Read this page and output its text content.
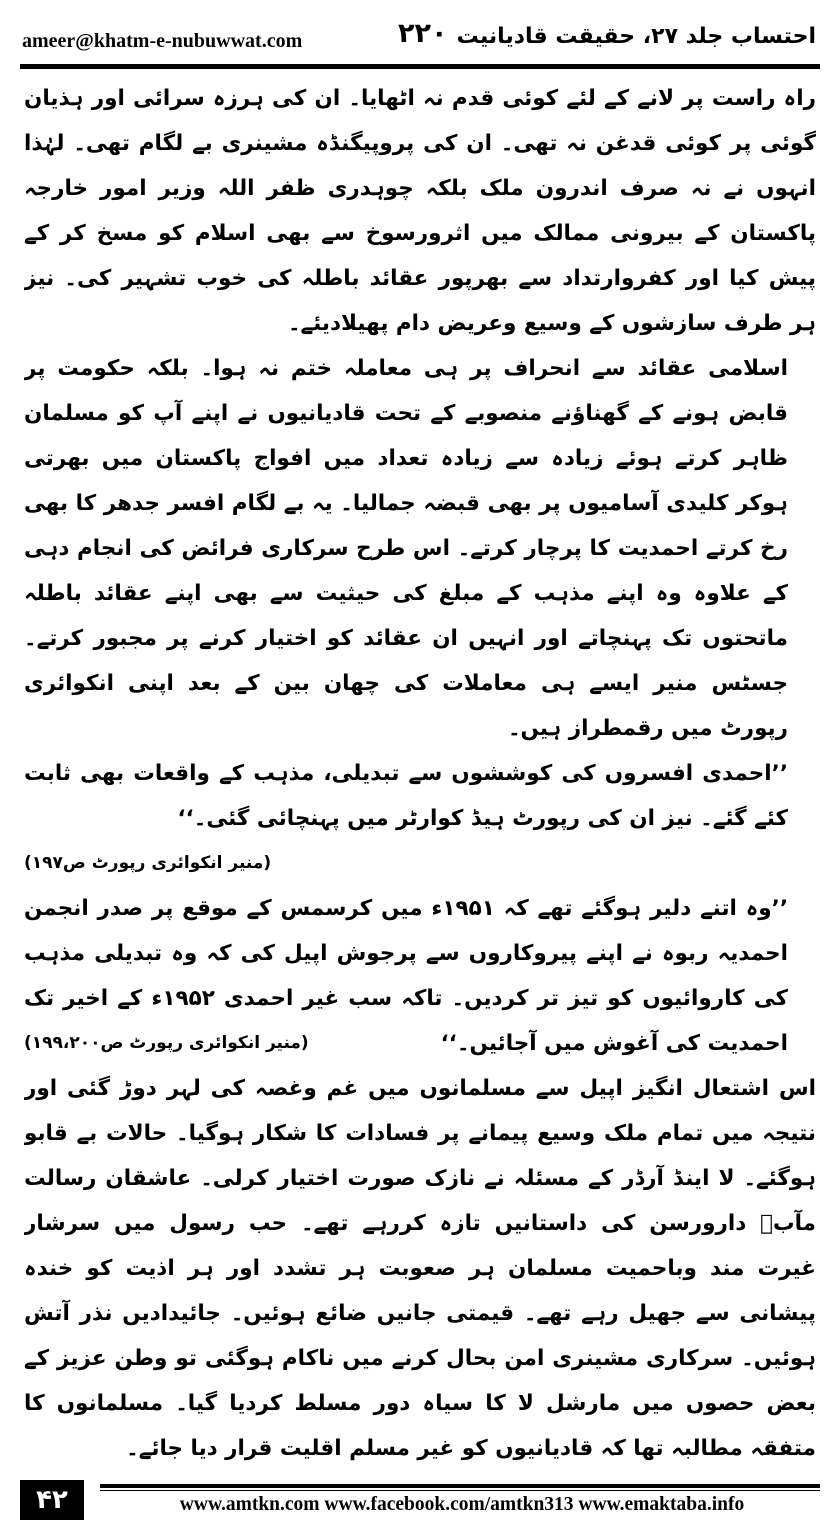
ameer@khatm-e-nubuwwat.com	۲۲۰ احتساب جلد ۲۷، حقیقت قادیانیت

راہ راست پر لانے کے لئے کوئی قدم نہ اٹھایا۔ ان کی ہرزہ سرائی اور ہذیان گوئی پر کوئی قدغن نہ تھی۔ ان کی پروپیگنڈہ مشینری بے لگام تھی۔ لہٰذا انہوں نے نہ صرف اندرون ملک بلکہ چوہدری ظفر اللہ وزیر امور خارجہ پاکستان کے بیرونی ممالک میں اثرورسوخ سے بھی اسلام کو مسخ کر کے پیش کیا اور کفروارتداد سے بھرپور عقائد باطلہ کی خوب تشہیر کی۔ نیز ہر طرف سازشوں کے وسیع وعریض دام پھیلادیئے۔

اسلامی عقائد سے انحراف پر ہی معاملہ ختم نہ ہوا۔ بلکہ حکومت پر قابض ہونے کے گھناؤنے منصوبے کے تحت قادیانیوں نے اپنے آپ کو مسلمان ظاہر کرتے ہوئے زیادہ سے زیادہ تعداد میں افواج پاکستان میں بھرتی ہوکر کلیدی آسامیوں پر بھی قبضہ جمالیا۔ یہ بے لگام افسر جدھر کا بھی رخ کرتے احمدیت کا پرچار کرتے۔ اس طرح سرکاری فرائض کی انجام دہی کے علاوہ وہ اپنے مذہب کے مبلغ کی حیثیت سے بھی اپنے عقائد باطلہ ماتحتوں تک پہنچاتے اور انہیں ان عقائد کو اختیار کرنے پر مجبور کرتے۔ جسٹس منیر ایسے ہی معاملات کی چھان بین کے بعد اپنی انکوائری رپورٹ میں رقمطراز ہیں۔

’’احمدی افسروں کی کوششوں سے تبدیلی، مذہب کے واقعات بھی ثابت کئے گئے۔ نیز ان کی رپورٹ ہیڈ کوارٹر میں پہنچائی گئی۔‘‘
(منیر انکوائری رپورٹ ص۱۹۷)
’’وہ اتنے دلیر ہوگئے تھے کہ ۱۹۵۱ء میں کرسمس کے موقع پر صدر انجمن احمدیہ ربوہ نے اپنے پیروکاروں سے پرجوش اپیل کی کہ وہ تبدیلی مذہب کی کاروائیوں کو تیز تر کردیں۔ تاکہ سب غیر احمدی ۱۹۵۲ء کے اخیر تک احمدیت کی آغوش میں آجائیں۔‘‘
(منیر انکوائری رپورٹ ص۱۹۹،۲۰۰)

اس اشتعال انگیز اپیل سے مسلمانوں میں غم وغصہ کی لہر دوڑ گئی اور نتیجہ میں تمام ملک وسیع پیمانے پر فسادات کا شکار ہوگیا۔ حالات بے قابو ہوگئے۔ لا اینڈ آرڈر کے مسئلہ نے نازک صورت اختیار کرلی۔ عاشقان رسالت مآبؐ دارورسن کی داستانیں تازہ کررہے تھے۔ حب رسول میں سرشار غیرت مند وباحمیت مسلمان ہر صعوبت ہر تشدد اور ہر اذیت کو خندہ پیشانی سے جھیل رہے تھے۔ قیمتی جانیں ضائع ہوئیں۔ جائیدادیں نذر آتش ہوئیں۔ سرکاری مشینری امن بحال کرنے میں ناکام ہوگئی تو وطن عزیز کے بعض حصوں میں مارشل لا کا سیاہ دور مسلط کردیا گیا۔ مسلمانوں کا متفقہ مطالبہ تھا کہ قادیانیوں کو غیر مسلم اقلیت قرار دیا جائے۔

۴۲	www.amtkn.com www.facebook.com/amtkn313 www.emaktaba.info
